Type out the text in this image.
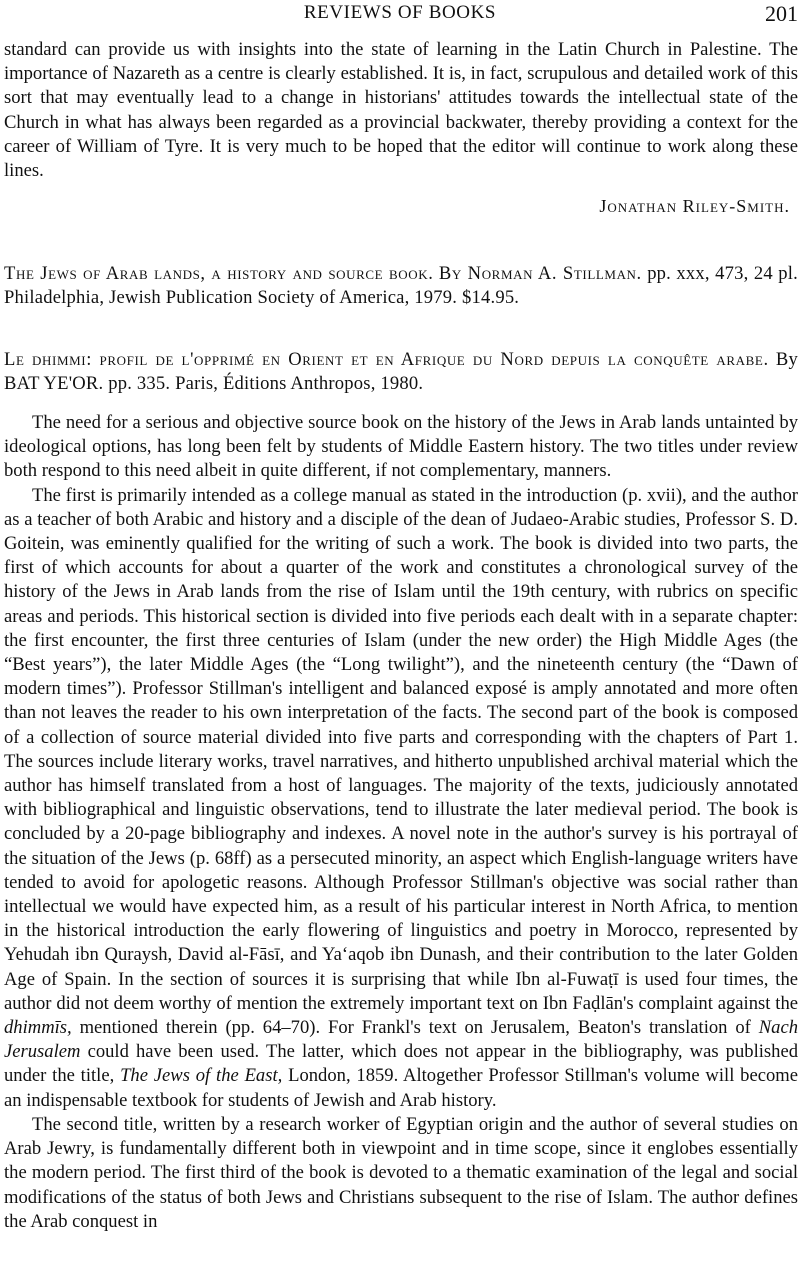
REVIEWS OF BOOKS	201

standard can provide us with insights into the state of learning in the Latin Church in Palestine. The importance of Nazareth as a centre is clearly established. It is, in fact, scrupulous and detailed work of this sort that may eventually lead to a change in historians' attitudes towards the intellectual state of the Church in what has always been regarded as a provincial backwater, thereby providing a context for the career of William of Tyre. It is very much to be hoped that the editor will continue to work along these lines.

Jonathan Riley-Smith.
The Jews of Arab lands, a history and source book. By Norman A. Stillman. pp. xxx, 473, 24 pl. Philadelphia, Jewish Publication Society of America, 1979. $14.95.
Le dhimmi: profil de l'opprimé en Orient et en Afrique du Nord depuis la conquête arabe. By BAT YE'OR. pp. 335. Paris, Éditions Anthropos, 1980.

The need for a serious and objective source book on the history of the Jews in Arab lands untainted by ideological options, has long been felt by students of Middle Eastern history. The two titles under review both respond to this need albeit in quite different, if not complementary, manners.

The first is primarily intended as a college manual as stated in the introduction (p. xvii), and the author as a teacher of both Arabic and history and a disciple of the dean of Judaeo-Arabic studies, Professor S. D. Goitein, was eminently qualified for the writing of such a work. The book is divided into two parts, the first of which accounts for about a quarter of the work and constitutes a chronological survey of the history of the Jews in Arab lands from the rise of Islam until the 19th century, with rubrics on specific areas and periods. This historical section is divided into five periods each dealt with in a separate chapter: the first encounter, the first three centuries of Islam (under the new order) the High Middle Ages (the “Best years”), the later Middle Ages (the “Long twilight”), and the nineteenth century (the “Dawn of modern times”). Professor Stillman's intelligent and balanced exposé is amply annotated and more often than not leaves the reader to his own interpretation of the facts. The second part of the book is composed of a collection of source material divided into five parts and corresponding with the chapters of Part 1. The sources include literary works, travel narratives, and hitherto unpublished archival material which the author has himself translated from a host of languages. The majority of the texts, judiciously annotated with bibliographical and linguistic observations, tend to illustrate the later medieval period. The book is concluded by a 20-page bibliography and indexes. A novel note in the author's survey is his portrayal of the situation of the Jews (p. 68ff) as a persecuted minority, an aspect which English-language writers have tended to avoid for apologetic reasons. Although Professor Stillman's objective was social rather than intellectual we would have expected him, as a result of his particular interest in North Africa, to mention in the historical introduction the early flowering of linguistics and poetry in Morocco, represented by Yehudah ibn Quraysh, David al-Fāsī, and Ya‘aqob ibn Dunash, and their contribution to the later Golden Age of Spain. In the section of sources it is surprising that while Ibn al-Fuwaṭī is used four times, the author did not deem worthy of mention the extremely important text on Ibn Faḍlān's complaint against the dhimmīs, mentioned therein (pp. 64–70). For Frankl's text on Jerusalem, Beaton's translation of Nach Jerusalem could have been used. The latter, which does not appear in the bibliography, was published under the title, The Jews of the East, London, 1859. Altogether Professor Stillman's volume will become an indispensable textbook for students of Jewish and Arab history.

The second title, written by a research worker of Egyptian origin and the author of several studies on Arab Jewry, is fundamentally different both in viewpoint and in time scope, since it englobes essentially the modern period. The first third of the book is devoted to a thematic examination of the legal and social modifications of the status of both Jews and Christians subsequent to the rise of Islam. The author defines the Arab conquest in
